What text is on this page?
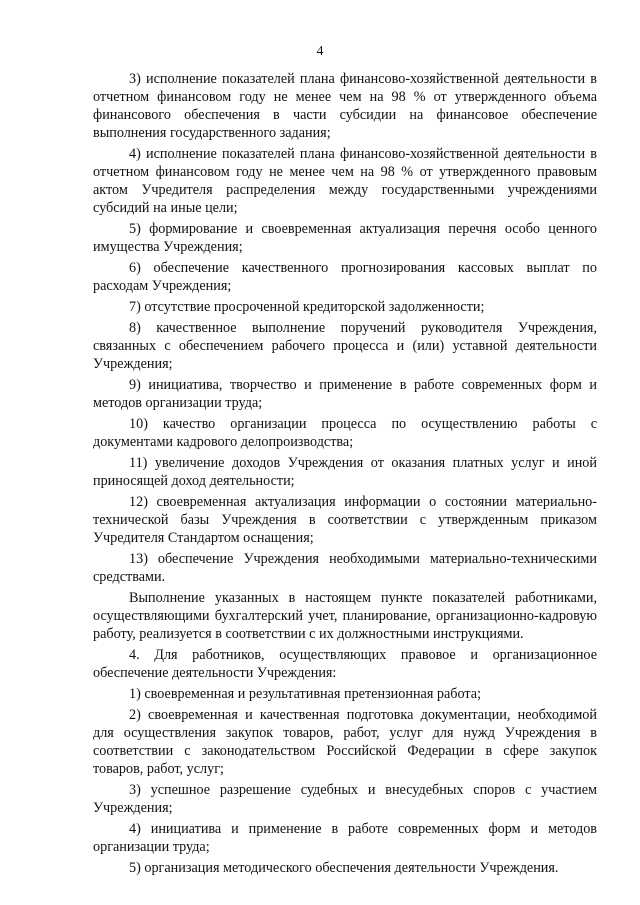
4

3) исполнение показателей плана финансово-хозяйственной деятельности в отчетном финансовом году не менее чем на 98 % от утвержденного объема финансового обеспечения в части субсидии на финансовое обеспечение выполнения государственного задания;

4) исполнение показателей плана финансово-хозяйственной деятельности в отчетном финансовом году не менее чем на 98 % от утвержденного правовым актом Учредителя распределения между государственными учреждениями субсидий на иные цели;

5) формирование и своевременная актуализация перечня особо ценного имущества Учреждения;

6) обеспечение качественного прогнозирования кассовых выплат по расходам Учреждения;

7) отсутствие просроченной кредиторской задолженности;

8) качественное выполнение поручений руководителя Учреждения, связанных с обеспечением рабочего процесса и (или) уставной деятельности Учреждения;

9) инициатива, творчество и применение в работе современных форм и методов организации труда;

10) качество организации процесса по осуществлению работы с документами кадрового делопроизводства;

11) увеличение доходов Учреждения от оказания платных услуг и иной приносящей доход деятельности;

12) своевременная актуализация информации о состоянии материально-технической базы Учреждения в соответствии с утвержденным приказом Учредителя Стандартом оснащения;

13) обеспечение Учреждения необходимыми материально-техническими средствами.

Выполнение указанных в настоящем пункте показателей работниками, осуществляющими бухгалтерский учет, планирование, организационно-кадровую работу, реализуется в соответствии с их должностными инструкциями.

4. Для работников, осуществляющих правовое и организационное обеспечение деятельности Учреждения:

1) своевременная и результативная претензионная работа;

2) своевременная и качественная подготовка документации, необходимой для осуществления закупок товаров, работ, услуг для нужд Учреждения в соответствии с законодательством Российской Федерации в сфере закупок товаров, работ, услуг;

3) успешное разрешение судебных и внесудебных споров с участием Учреждения;

4) инициатива и применение в работе современных форм и методов организации труда;

5) организация методического обеспечения деятельности Учреждения.
